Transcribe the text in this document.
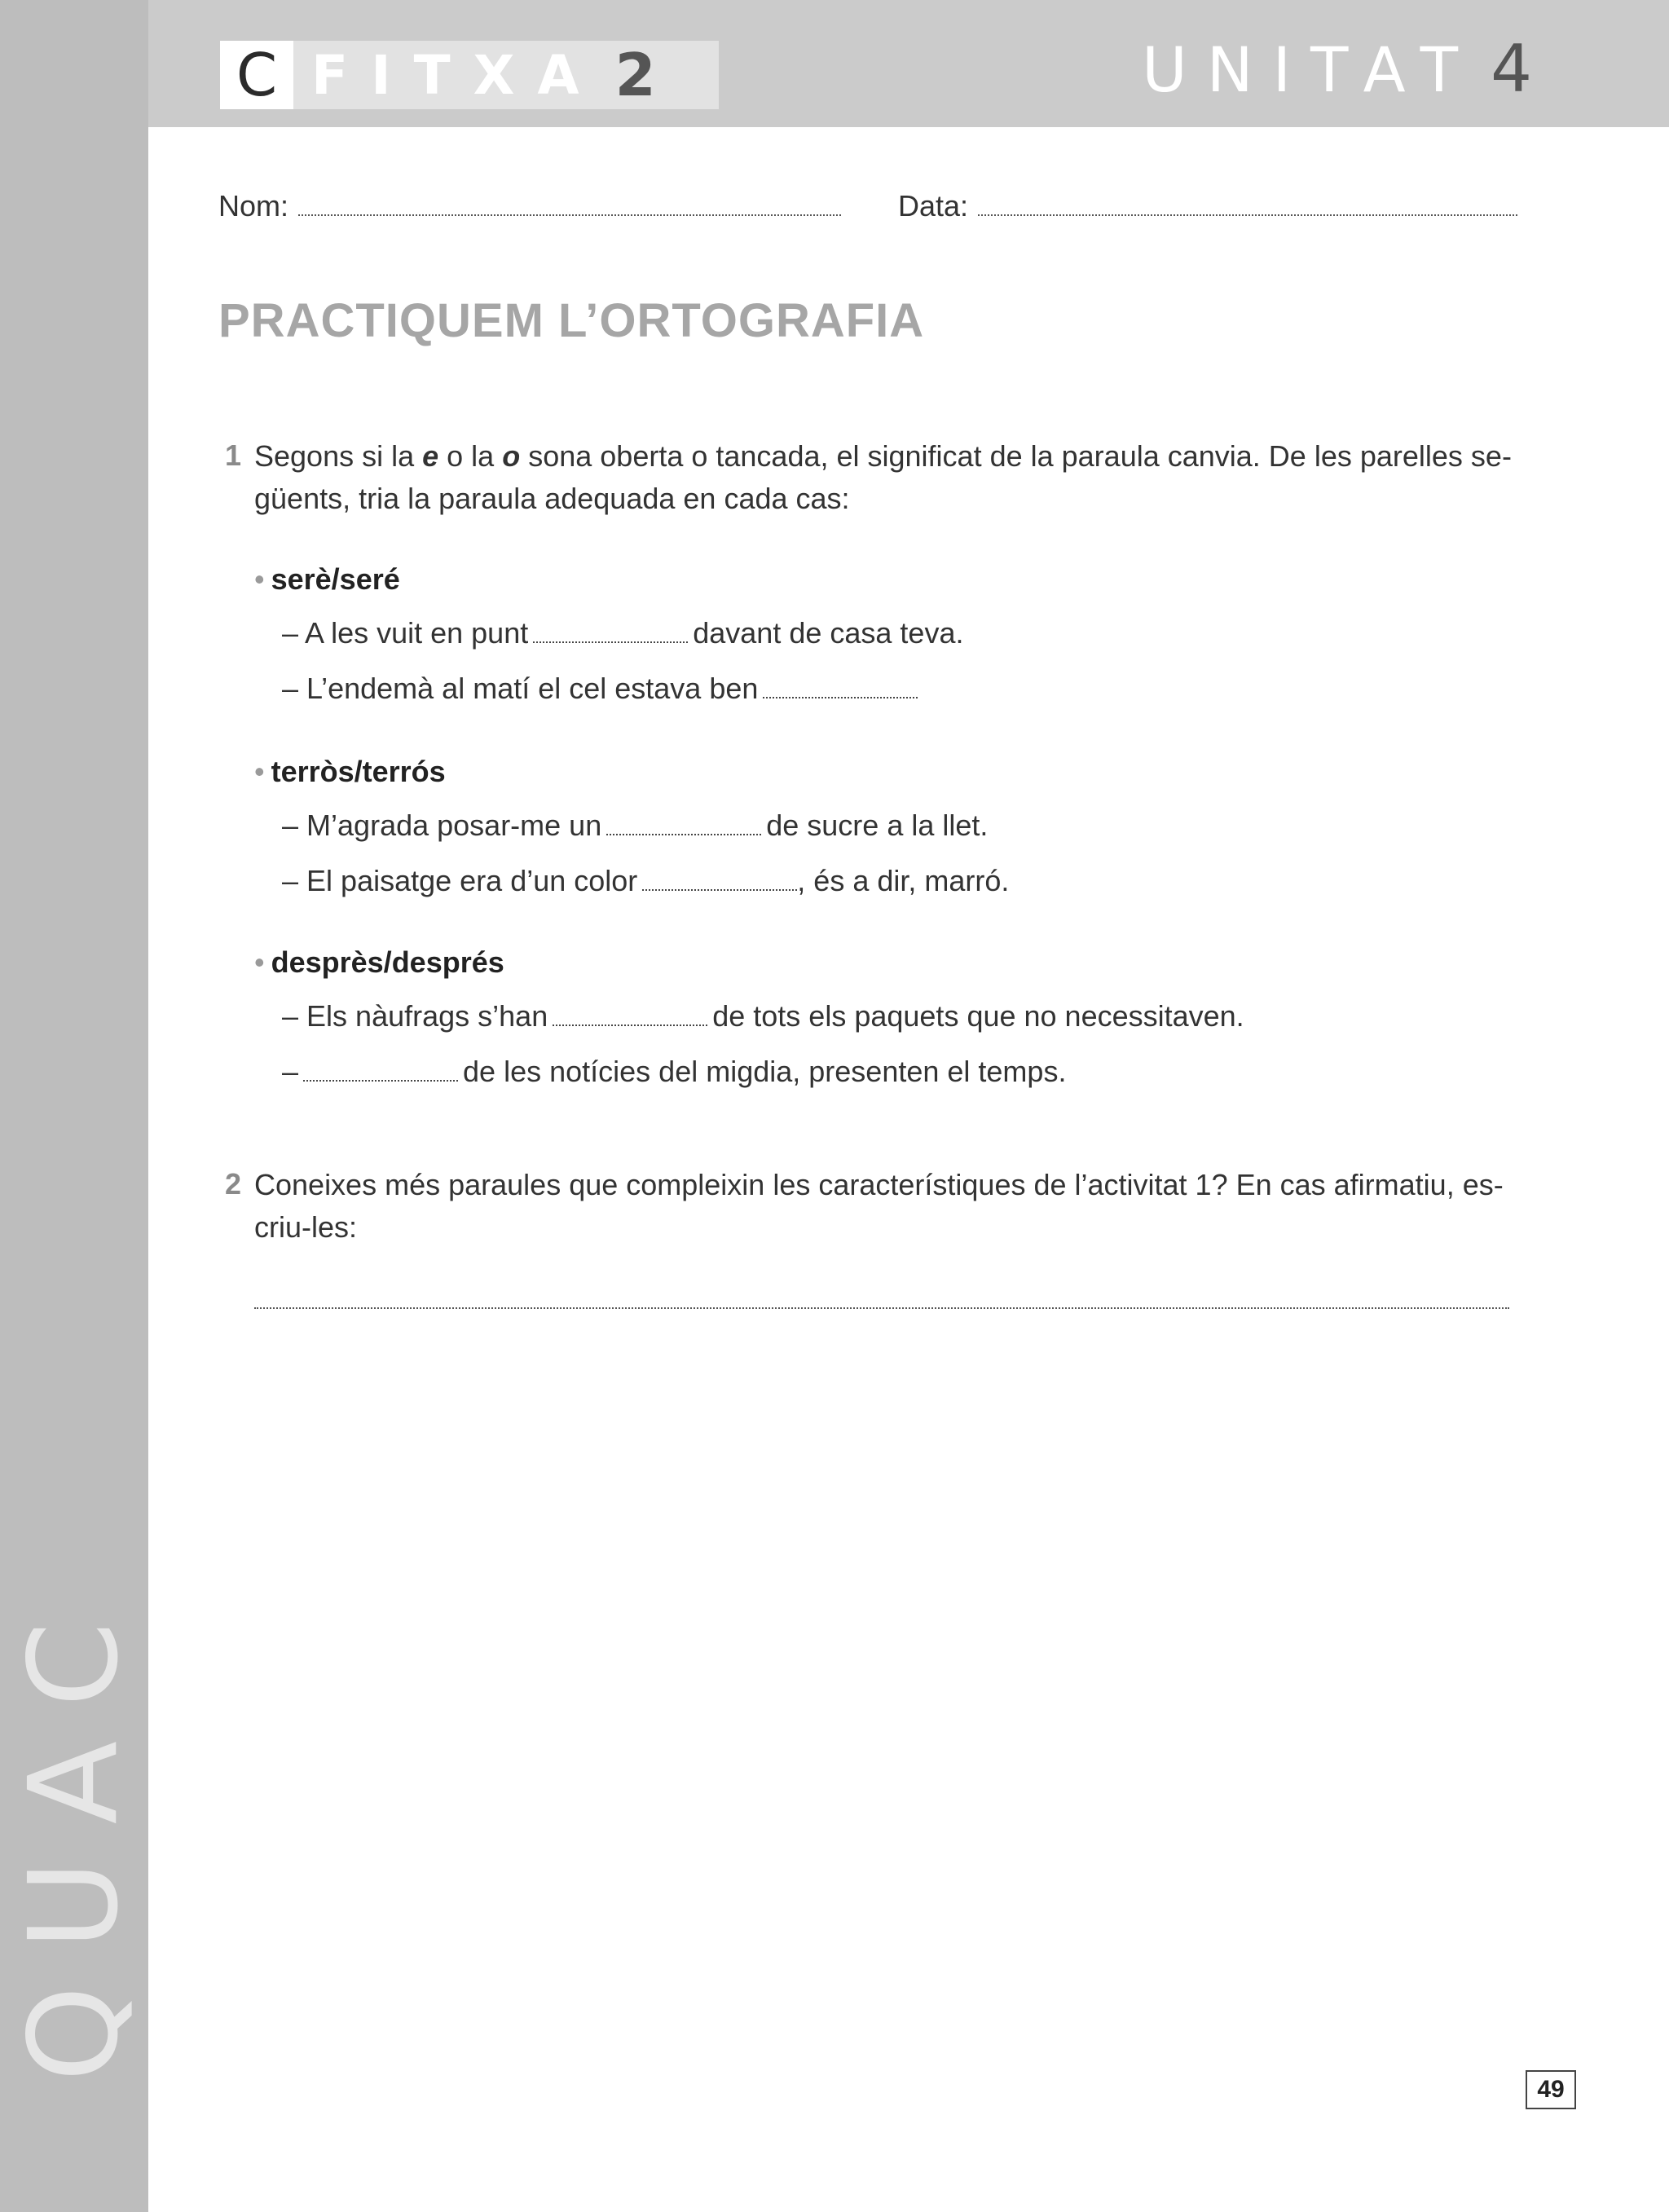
QUAC
C FITXA 2	UNITAT 4
Nom:	Data:
PRACTIQUEM L’ORTOGRAFIA
1 Segons si la e o la o sona oberta o tancada, el significat de la paraula canvia. De les parelles se-
güents, tria la paraula adequada en cada cas:
• serè/seré
– A les vuit en punt	davant de casa teva.
– L’endemà al matí el cel estava ben
• terròs/terrós
– M’agrada posar-me un	de sucre a la llet.
– El paisatge era d’un color	, és a dir, marró.
• desprès/després
– Els nàufrags s’han	de tots els paquets que no necessitaven.
–	de les notícies del migdia, presenten el temps.
2 Coneixes més paraules que compleixin les característiques de l’activitat 1? En cas afirmatiu, es-
criu-les:
49
